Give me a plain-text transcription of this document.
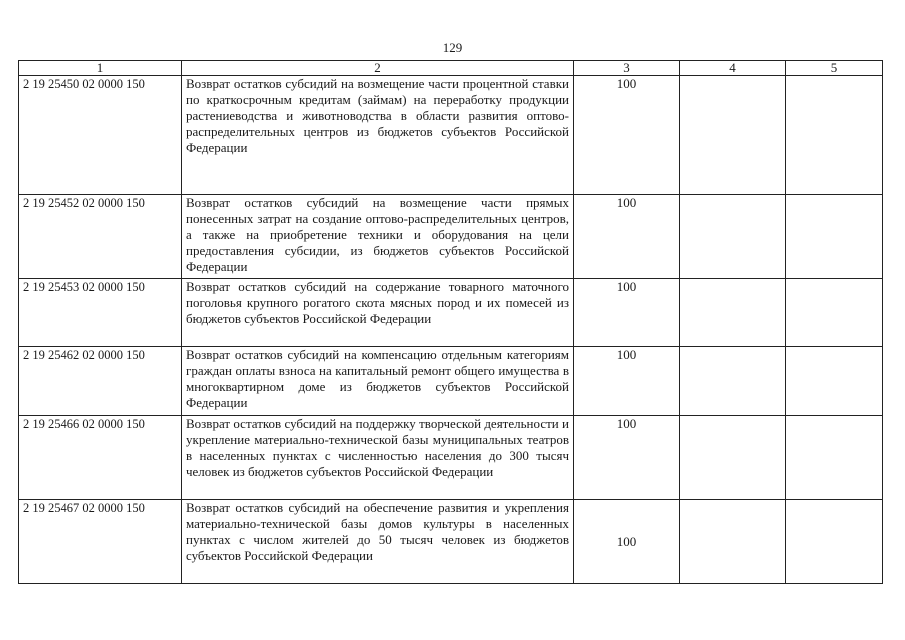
129
1	2	3	4	5
2 19 25450 02 0000 150	Возврат остатков субсидий на возмещение части процентной ставки по краткосрочным кредитам (займам) на переработку продукции растениеводства и животноводства в области развития оптово-распределительных центров из бюджетов субъектов Российской Федерации	100		
2 19 25452 02 0000 150	Возврат остатков субсидий на возмещение части прямых понесенных затрат на создание оптово-распределительных центров, а также на приобретение техники и оборудования на цели предоставления субсидии, из бюджетов субъектов Российской Федерации	100		
2 19 25453 02 0000 150	Возврат остатков субсидий на содержание товарного маточного поголовья крупного рогатого скота мясных пород и их помесей из бюджетов субъектов Российской Федерации	100		
2 19 25462 02 0000 150	Возврат остатков субсидий на компенсацию отдельным категориям граждан оплаты взноса на капитальный ремонт общего имущества в многоквартирном доме из бюджетов субъектов Российской Федерации	100		
2 19 25466 02 0000 150	Возврат остатков субсидий на поддержку творческой деятельности и укрепление материально-технической базы муниципальных театров в населенных пунктах с численностью населения до 300 тысяч человек из бюджетов субъектов Российской Федерации	100		
2 19 25467 02 0000 150	Возврат остатков субсидий на обеспечение развития и укрепления материально-технической базы домов культуры в населенных пунктах с числом жителей до 50 тысяч человек из бюджетов субъектов Российской Федерации	100		
